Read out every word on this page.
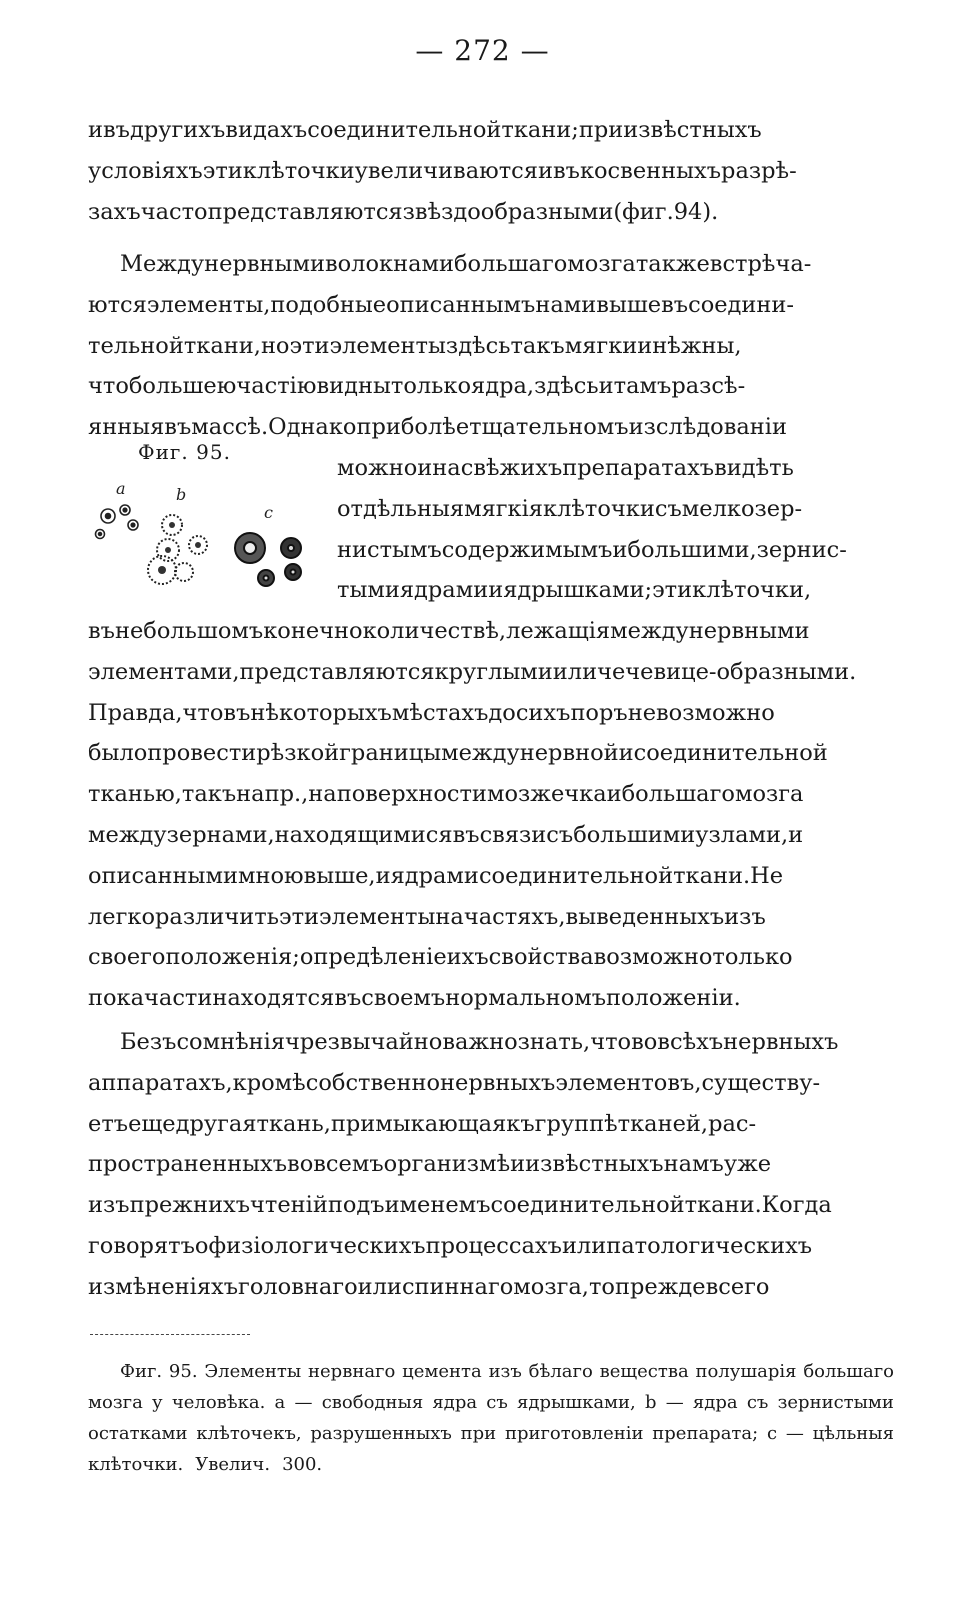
— 272 —
ивъдругихъвидахъсоединительнойткани;приизвѣстныхъ
условіяхъэтиклѣточкиувеличиваютсяивъкосвенныхъразрѣ-
захъчастопредставляютсязвѣздообразными(фиг.94).
Междунервнымиволокнамибольшагомозгатакжевстрѣча-
ютсяэлементы,подобныеописаннымънамивышевъсоедини-
тельнойткани,ноэтиэлементыздѣсьтакъмягкиинѣжны,
чтобольшеючастіювиднытолькоядра,здѣсьитамъразсѣ-
янныявъмассѣ.Однакоприболѣетщательномъизслѣдованіи
можноинасвѣжихъпрепаратахъвидѣть
отдѣльныямягкіяклѣточкисъмелкозер-
нистымъсодержимымъибольшими,зернис-
тымиядрамииядрышками;этиклѣточки,
Фиг. 95.
a	b
c
вънебольшомъконечноколичествѣ,лежащіямеждунервными
элементами,представляютсякруглымииличечевице-образными.
Правда,чтовънѣкоторыхъмѣстахъдосихъпоръневозможно
былопровестирѣзкойграницымеждунервнойисоединительной
тканью,такънапр.,наповерхностимозжечкаибольшагомозга
междузернами,находящимисявъсвязисъбольшимиузлами,и
описаннымимноювыше,иядрамисоединительнойткани.Не
легкоразличитьэтиэлементыначастяхъ,выведенныхъизъ
своегоположенія;опредѣленіеихъсвойствавозможнотолько
покачастинаходятсявъсвоемънормальномъположеніи.
Безъсомнѣніячрезвычайноважнознать,чтововсѣхънервныхъ
аппаратахъ,кромѣсобственнонервныхъэлементовъ,существу-
етъещедругаяткань,примыкающаякъгруппѣтканей,рас-
пространенныхъвовсемъорганизмѣиизвѣстныхънамъуже
изъпрежнихъчтенійподъименемъсоединительнойткани.Когда
говорятъофизіологическихъпроцессахъилипатологическихъ
измѣненіяхъголовнагоилиспиннагомозга,топреждевсего
Фиг. 95. Элементы нервнаго цемента изъ бѣлаго вещества полушарія большаго
мозга у человѣка. a — свободныя ядра съ ядрышками, b — ядра съ зернистыми
остатками клѣточекъ, разрушенныхъ при приготовленіи препарата; c — цѣльныя
клѣточки. Увелич. 300.
